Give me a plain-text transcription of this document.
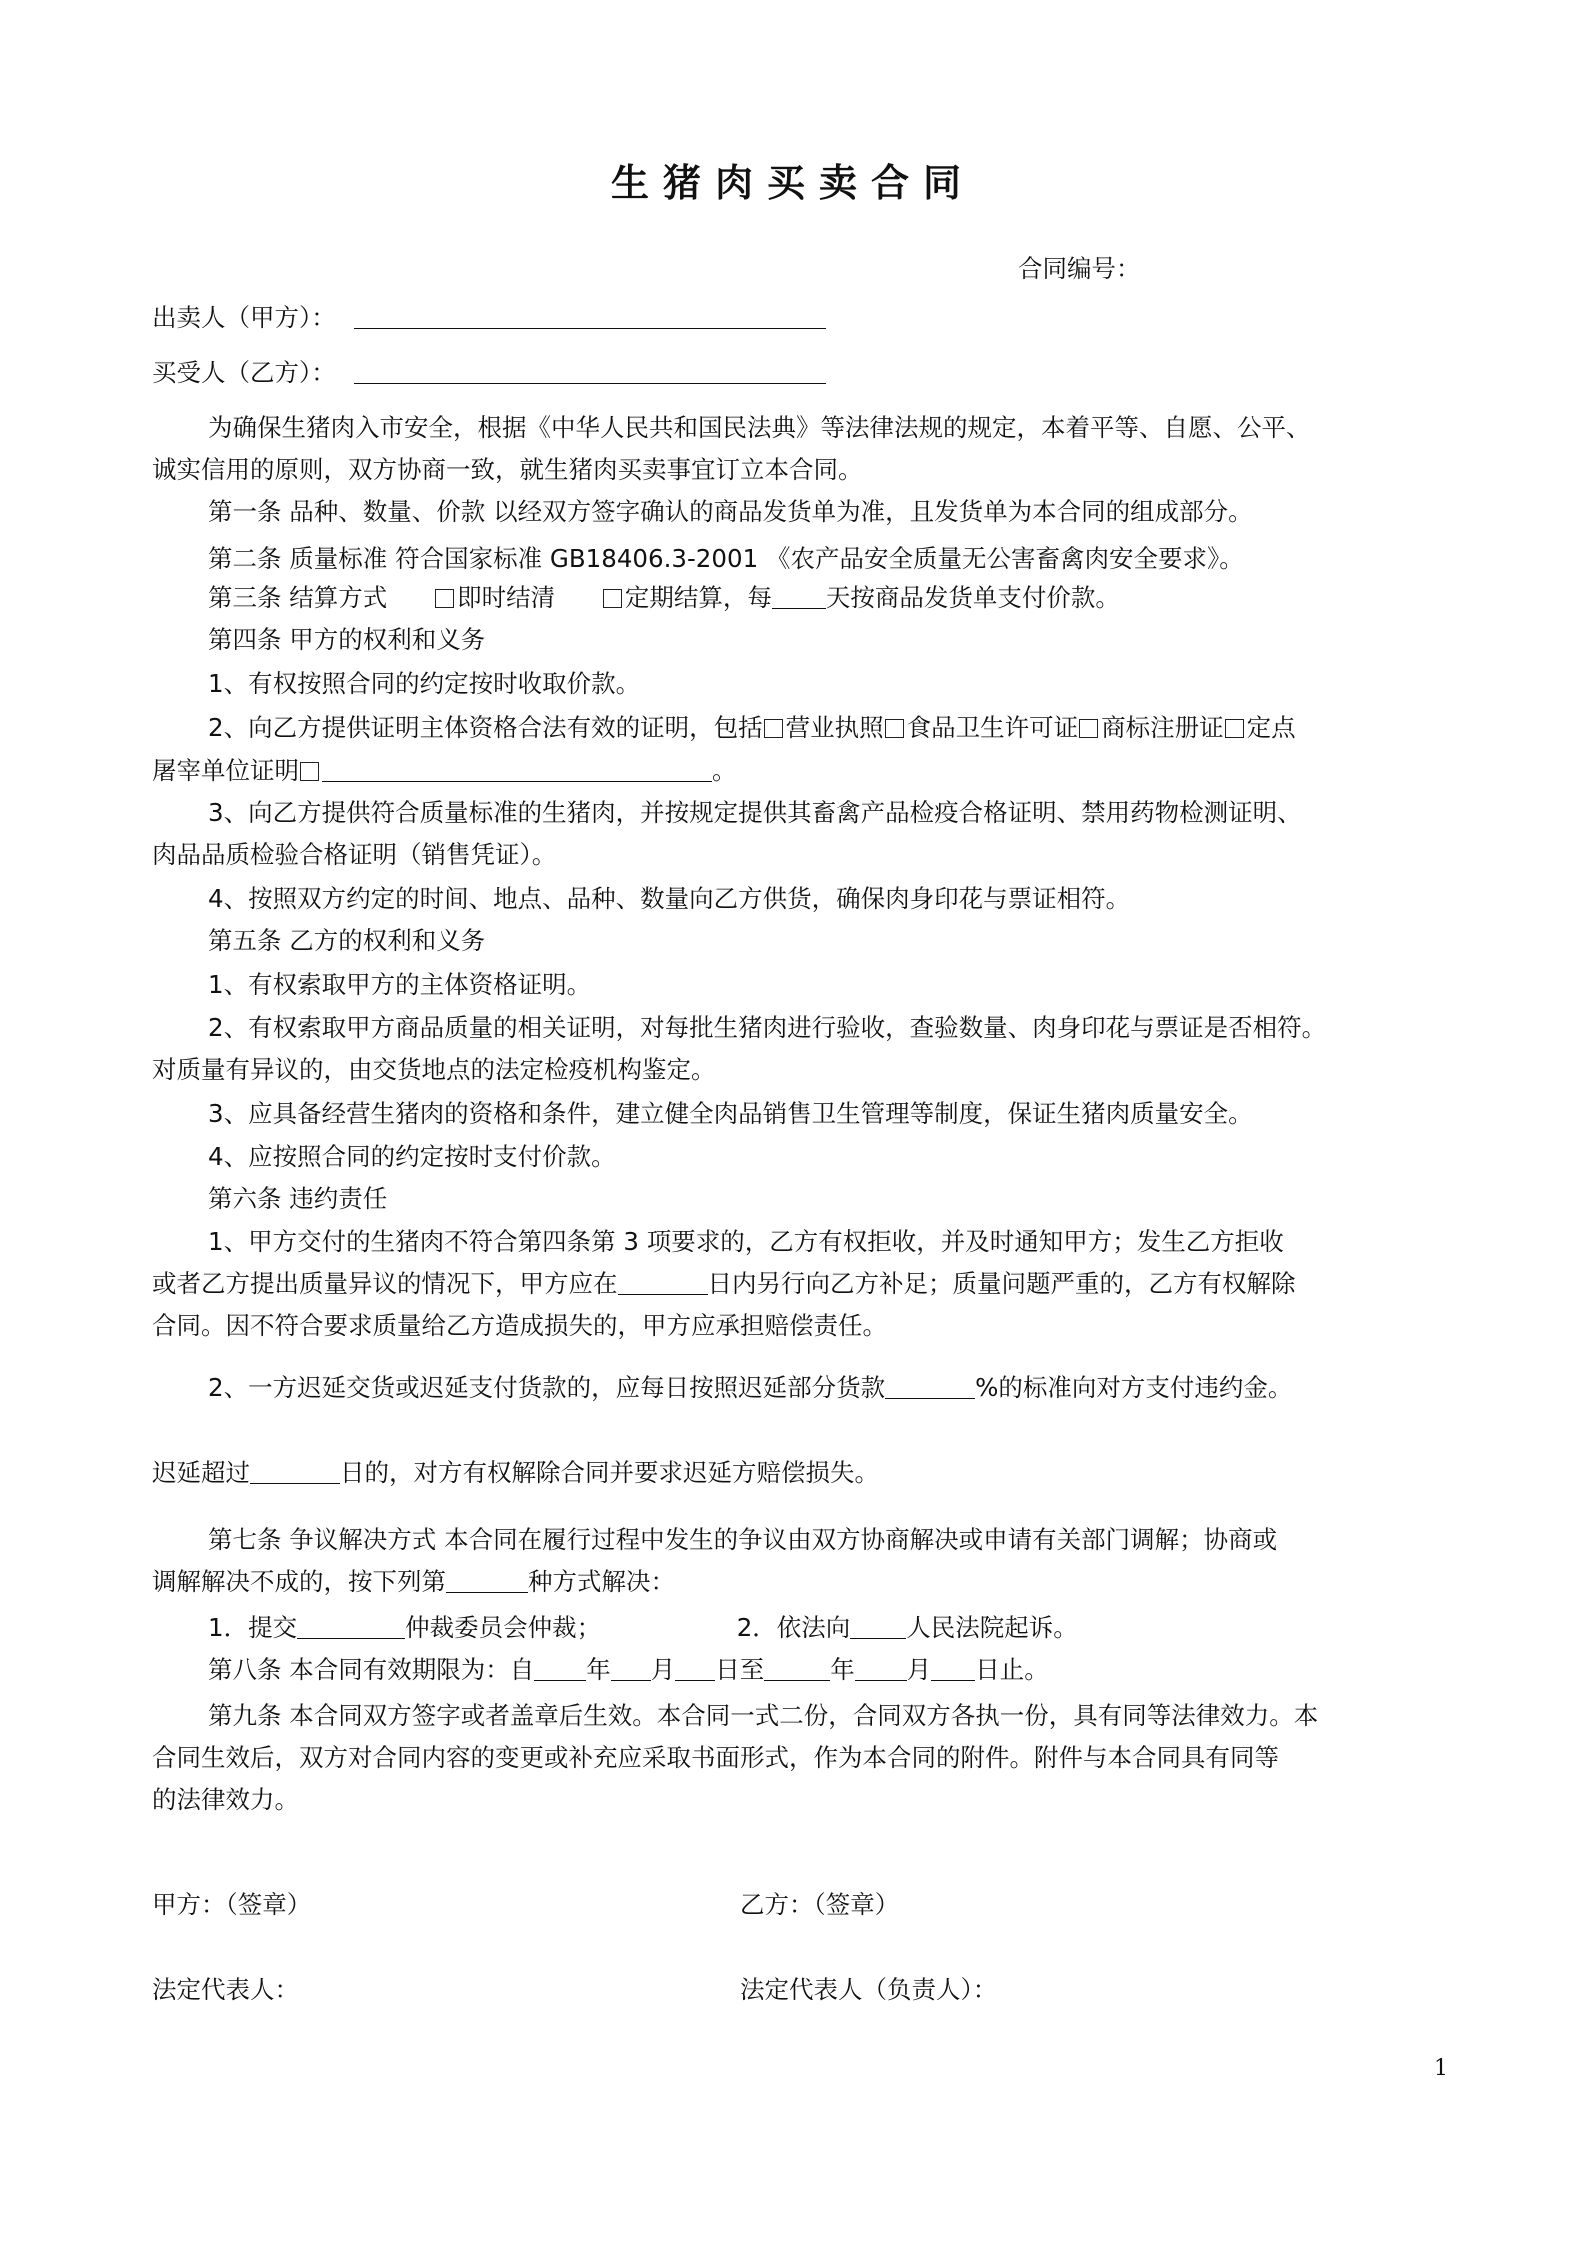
生猪肉买卖合同
合同编号：
出卖人（甲方）：
买受人（乙方）：
为确保生猪肉入市安全，根据《中华人民共和国民法典》等法律法规的规定，本着平等、自愿、公平、
诚实信用的原则，双方协商一致，就生猪肉买卖事宜订立本合同。
第一条 品种、数量、价款 以经双方签字确认的商品发货单为准，且发货单为本合同的组成部分。
第二条 质量标准 符合国家标准 GB18406.3-2001 《农产品安全质量无公害畜禽肉安全要求》。
第三条 结算方式	即时结清	定期结算，每 天按商品发货单支付价款。
第四条 甲方的权利和义务
1、有权按照合同的约定按时收取价款。
2、向乙方提供证明主体资格合法有效的证明，包括 营业执照 食品卫生许可证 商标注册证 定点
屠宰单位证明	。
3、向乙方提供符合质量标准的生猪肉，并按规定提供其畜禽产品检疫合格证明、禁用药物检测证明、
肉品品质检验合格证明（销售凭证）。
4、按照双方约定的时间、地点、品种、数量向乙方供货，确保肉身印花与票证相符。
第五条 乙方的权利和义务
1、有权索取甲方的主体资格证明。
2、有权索取甲方商品质量的相关证明，对每批生猪肉进行验收，查验数量、肉身印花与票证是否相符。
对质量有异议的，由交货地点的法定检疫机构鉴定。
3、应具备经营生猪肉的资格和条件，建立健全肉品销售卫生管理等制度，保证生猪肉质量安全。
4、应按照合同的约定按时支付价款。
第六条 违约责任
1、甲方交付的生猪肉不符合第四条第 3 项要求的，乙方有权拒收，并及时通知甲方；发生乙方拒收
或者乙方提出质量异议的情况下，甲方应在	日内另行向乙方补足；质量问题严重的，乙方有权解除
合同。因不符合要求质量给乙方造成损失的，甲方应承担赔偿责任。
2、一方迟延交货或迟延支付货款的，应每日按照迟延部分货款	%的标准向对方支付违约金。
迟延超过	日的，对方有权解除合同并要求迟延方赔偿损失。
第七条 争议解决方式 本合同在履行过程中发生的争议由双方协商解决或申请有关部门调解；协商或
调解解决不成的，按下列第	种方式解决：
1．提交	仲裁委员会仲裁；	2．依法向 人民法院起诉。
第八条 本合同有效期限为：自 年 月 日至	年 月 日止。
第九条 本合同双方签字或者盖章后生效。本合同一式二份，合同双方各执一份，具有同等法律效力。本
合同生效后，双方对合同内容的变更或补充应采取书面形式，作为本合同的附件。附件与本合同具有同等
的法律效力。
甲方：（签章）	乙方：（签章）
法定代表人：	法定代表人（负责人）：
1
